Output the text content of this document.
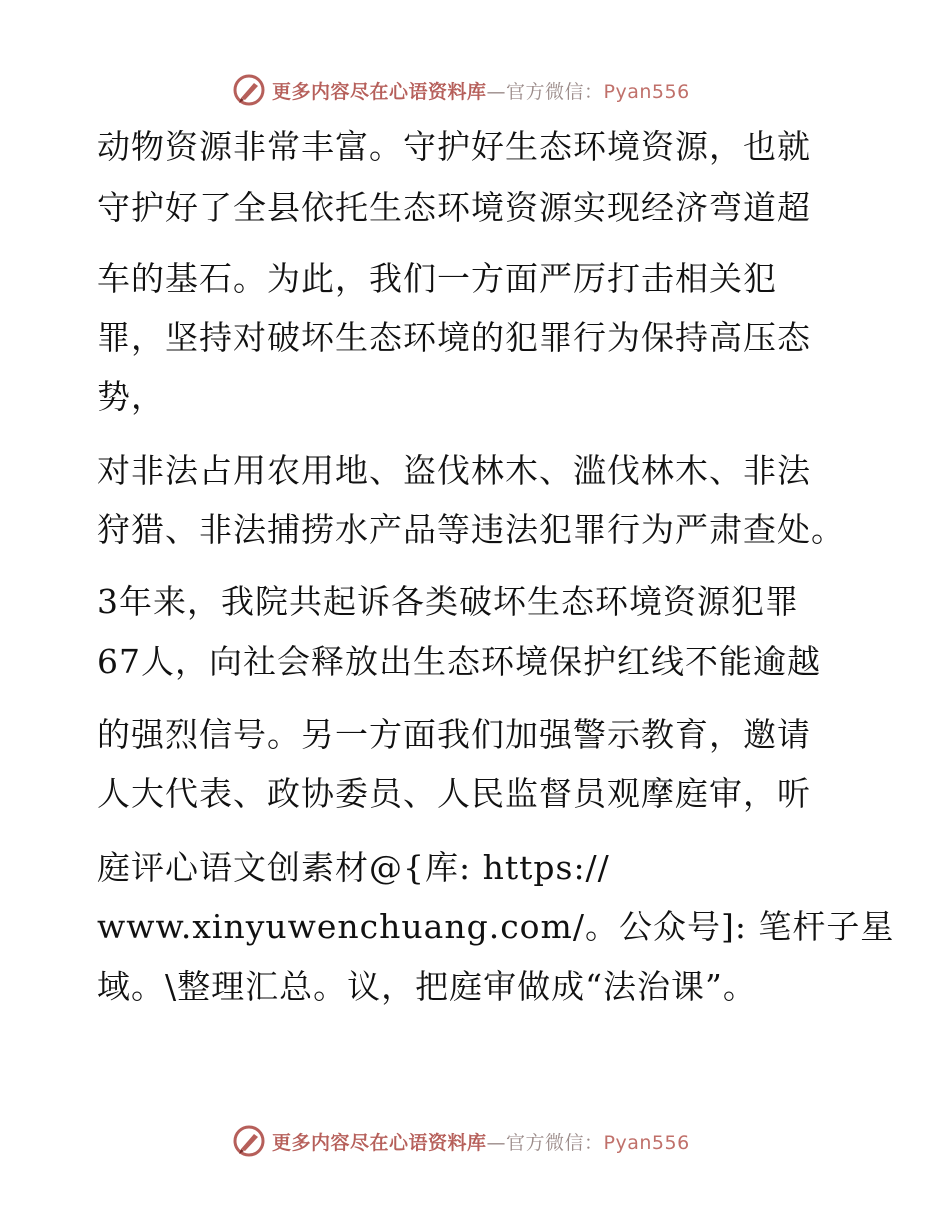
更多内容尽在心语资料库—官方微信：Pyan556
动物资源非常丰富。守护好生态环境资源，也就
守护好了全县依托生态环境资源实现经济弯道超
车的基石。为此，我们一方面严厉打击相关犯
罪，坚持对破坏生态环境的犯罪行为保持高压态
势，
对非法占用农用地、盗伐林木、滥伐林木、非法
狩猎、非法捕捞水产品等违法犯罪行为严肃查处。
3年来，我院共起诉各类破坏生态环境资源犯罪
67人，向社会释放出生态环境保护红线不能逾越
的强烈信号。另一方面我们加强警示教育，邀请
人大代表、政协委员、人民监督员观摩庭审，听
庭评心语文创素材@{库: https://
www.xinyuwenchuang.com/。公众号]: 笔杆子星
域。\整理汇总。议，把庭审做成“法治课”。
更多内容尽在心语资料库—官方微信：Pyan556
